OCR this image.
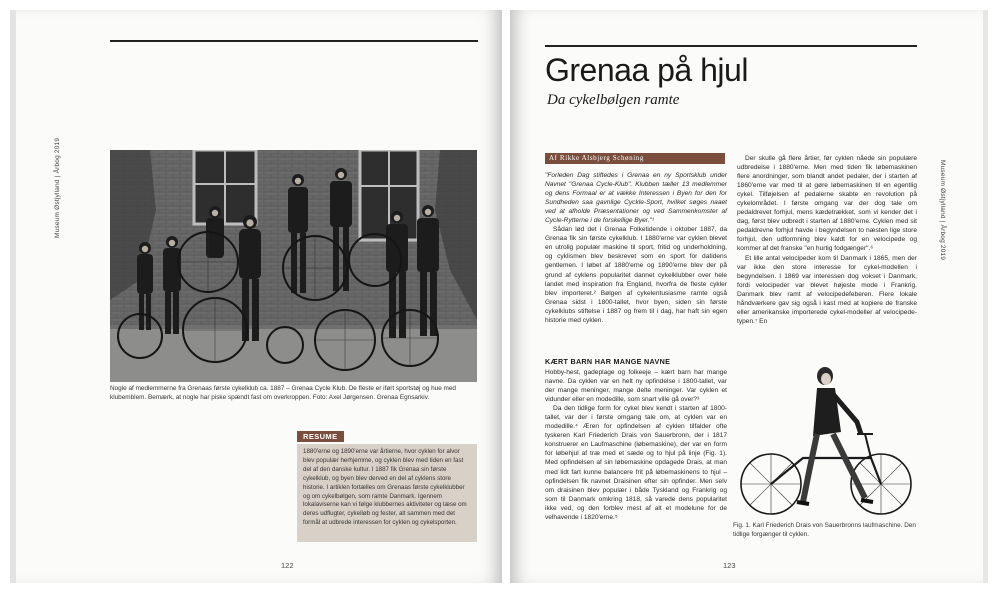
Museum Østjylland | Årbog 2019
Nogle af medlemmerne fra Grenaas første cykelklub ca. 1887 – Grenaa Cycle Klub. De fleste er iført sportstøj og hue med klubemblem. Bemærk, at nogle har piske spændt fast om overkroppen. Foto: Axel Jørgensen. Grenaa Egnsarkiv.
RESUME
1880'erne og 1890'erne var årtierne, hvor cyklen for alvor blev populær herhjemme, og cyklen blev med tiden en fast del af den danske kultur. I 1887 fik Grenaa sin første cykelklub, og byen blev derved en del af cyklens store historie. I artiklen fortælles om Grenaas første cykelklubber og om cykelbølgen, som ramte Danmark. Igennem lokalaviserne kan vi følge klubbernes aktiviteter og læse om deres udflugter, cykelløb og fester, alt sammen med det formål at udbrede interessen for cyklen og cykelsporten.
122
Museum Østjylland | Årbog 2019
Grenaa på hjul
Da cykelbølgen ramte
Af Rikke Alsbjerg Schøning

"Forleden Dag stiftedes i Grenaa en ny Sportsklub under Navnet "Grenaa Cycle-Klub". Klubben tæller 13 medlemmer og dens Formaal er at vække Interessen i Byen for den for Sundheden saa gavnlige Cyckle-Sport, hvilket søges naaet ved at afholde Præsentationer og ved Sammenkomster af Cycle-Rytterne i de forskellige Byer."¹

Sådan lød det i Grenaa Folketidende i oktober 1887, da Grenaa fik sin første cykelklub. I 1880'erne var cyklen blevet en utrolig populær maskine til sport, fritid og underholdning, og cyklismen blev beskrevet som en sport for datidens gentlemen. I løbet af 1880'erne og 1890'erne blev der på grund af cyklens popularitet dannet cykelklubber over hele landet med inspiration fra England, hvorfra de fleste cykler blev importeret.² Bølgen af cykelentusiasme ramte også Grenaa sidst i 1800-tallet, hvor byen, siden sin første cykelklubs stiftelse i 1887 og frem til i dag, har haft sin egen historie med cyklen.

KÆRT BARN HAR MANGE NAVNE

Hobby-hest, gadeplage og folkeeje – kært barn har mange navne. Da cyklen var en helt ny opfindelse i 1800-tallet, var der mange meninger, mange delte meninger. Var cyklen et vidunder eller en modedille, som snart ville gå over?³

Da den tidlige form for cykel blev kendt i starten af 1800-tallet, var der i første omgang tale om, at cyklen var en modedille.⁴ Æren for opfindelsen af cyklen tilfalder ofte tyskeren Karl Friederich Drais von Sauerbronn, der i 1817 konstruerer en Laufmaschine (løbemaskine), der var en form for løbehjul af træ med et sæde og to hjul på linje (Fig. 1). Med opfindelsen af sin løbemaskine opdagede Drais, at man med lidt fart kunne balancere frit på løbemaskinens to hjul – opfindelsen fik navnet Draisinen efter sin opfinder. Men selv om draisinen blev populær i både Tyskland og Frankrig og som til Danmark omkring 1818, så varede dens popularitet ikke ved, og den forblev mest af alt et modelune for de velhavende i 1820'erne.⁵

Der skulle gå flere årtier, før cyklen nåede sin populære udbredelse i 1880'erne. Men med tiden fik løbemaskinen flere anordninger, som blandt andet pedaler, der i starten af 1860'erne var med til at gøre løbemaskinen til en egentlig cykel. Tilføjelsen af pedalerne skabte en revolution på cykelområdet. I første omgang var der dog tale om pedaldrevet forhjul, mens kædetrækket, som vi kender det i dag, først blev udbredt i starten af 1880'erne. Cyklen med sit pedaldrevne forhjul havde i begyndelsen to næsten lige store forhjul, den udformning blev kaldt for en velocipede og kommer af det franske "en hurtig fodgænger".⁶

Et lille antal velocipeder kom til Danmark i 1865, men der var ikke den store interesse for cykel-modellen i begyndelsen. I 1869 var interessen dog vokset i Danmark, fordi velocipeder var blevet højeste mode i Frankrig. Danmark blev ramt af velocipedefeberen. Flere lokale håndværkere gav sig også i kast med at kopiere de franske eller amerikanske importerede cykel-modeller af velocipede-typen.⁷ En

Fig. 1. Karl Friederich Drais von Sauerbronns laufmaschine. Den tidlige forgænger til cyklen.
123
